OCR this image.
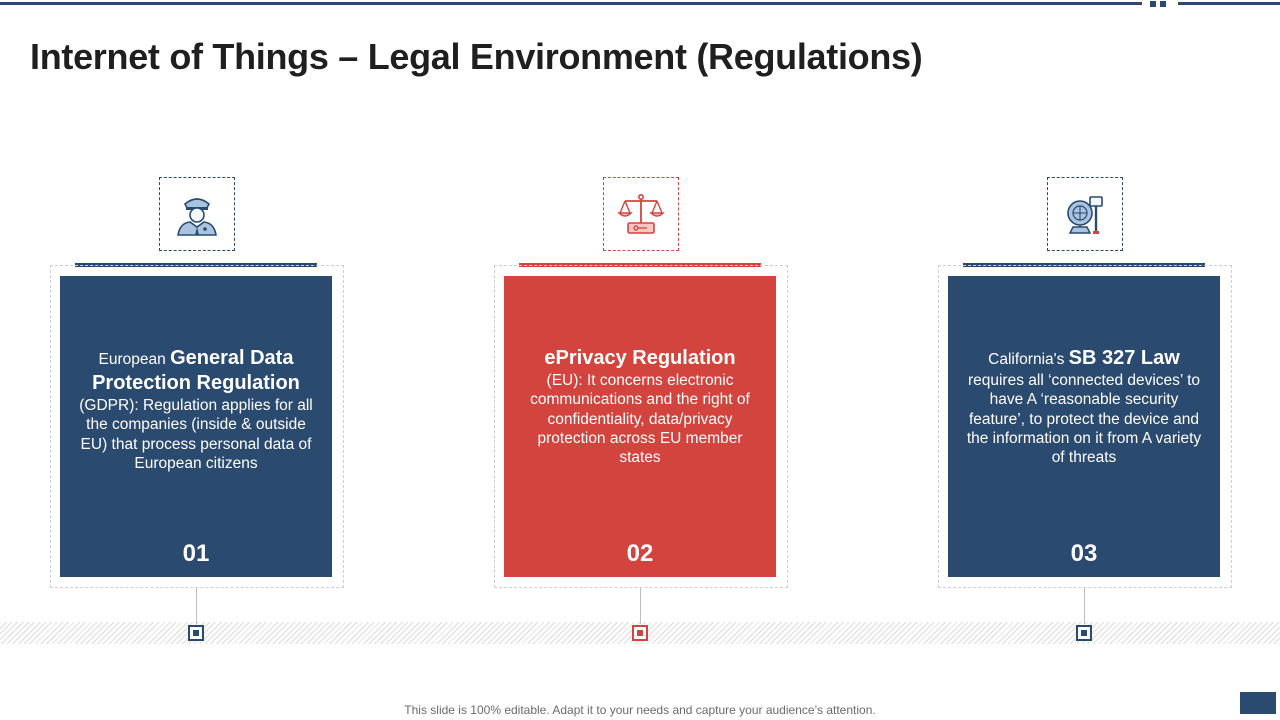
Internet of Things – Legal Environment (Regulations)
European General Data Protection Regulation
(GDPR): Regulation applies for all the companies (inside & outside EU) that process personal data of European citizens
01
ePrivacy Regulation
(EU): It concerns electronic communications and the right of confidentiality, data/privacy protection across EU member states
02
California's SB 327 Law
requires all ‘connected devices’ to have A ‘reasonable security feature’, to protect the device and the information on it from A variety of threats
03
This slide is 100% editable. Adapt it to your needs and capture your audience’s attention.
